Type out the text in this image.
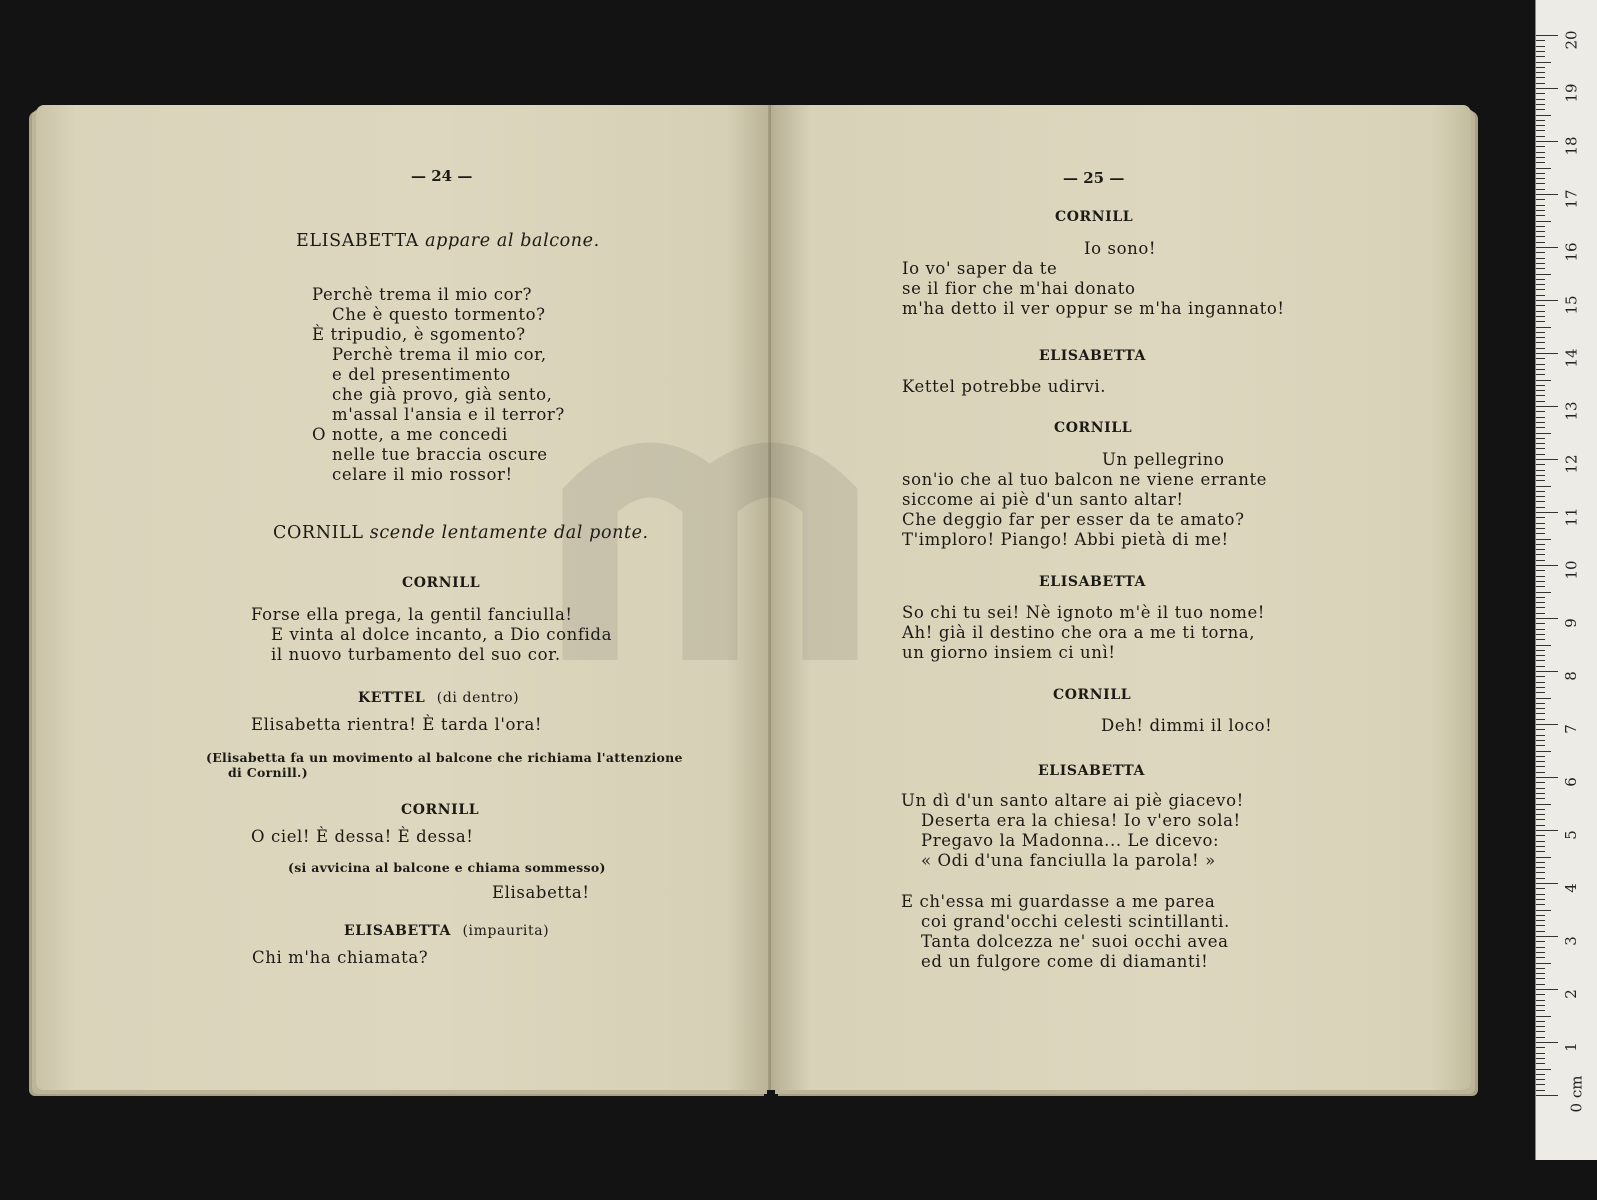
— 24 —
ELISABETTA appare al balcone.
Perchè trema il mio cor?
Che è questo tormento?
È tripudio, è sgomento?
Perchè trema il mio cor,
e del presentimento
che già provo, già sento,
m'assal l'ansia e il terror?
O notte, a me concedi
nelle tue braccia oscure
celare il mio rossor!
CORNILL scende lentamente dal ponte.
CORNILL
Forse ella prega, la gentil fanciulla!
E vinta al dolce incanto, a Dio confida
il nuovo turbamento del suo cor.
KETTEL (di dentro)
Elisabetta rientra! È tarda l'ora!
(Elisabetta fa un movimento al balcone che richiama l'attenzione
di Cornill.)
CORNILL
O ciel! È dessa! È dessa!
(si avvicina al balcone e chiama sommesso)
Elisabetta!
ELISABETTA (impaurita)
Chi m'ha chiamata?
— 25 —
CORNILL
Io sono!
Io vo' saper da te
se il fior che m'hai donato
m'ha detto il ver oppur se m'ha ingannato!
ELISABETTA
Kettel potrebbe udirvi.
CORNILL
Un pellegrino
son'io che al tuo balcon ne viene errante
siccome ai piè d'un santo altar!
Che deggio far per esser da te amato?
T'imploro! Piango! Abbi pietà di me!
ELISABETTA
So chi tu sei! Nè ignoto m'è il tuo nome!
Ah! già il destino che ora a me ti torna,
un giorno insiem ci unì!
CORNILL
Deh! dimmi il loco!
ELISABETTA
Un dì d'un santo altare ai piè giacevo!
Deserta era la chiesa! Io v'ero sola!
Pregavo la Madonna... Le dicevo:
« Odi d'una fanciulla la parola! »
E ch'essa mi guardasse a me parea
coi grand'occhi celesti scintillanti.
Tanta dolcezza ne' suoi occhi avea
ed un fulgore come di diamanti!
0 cm
1
2
3
4
5
6
7
8
9
10
11
12
13
14
15
16
17
18
19
20
